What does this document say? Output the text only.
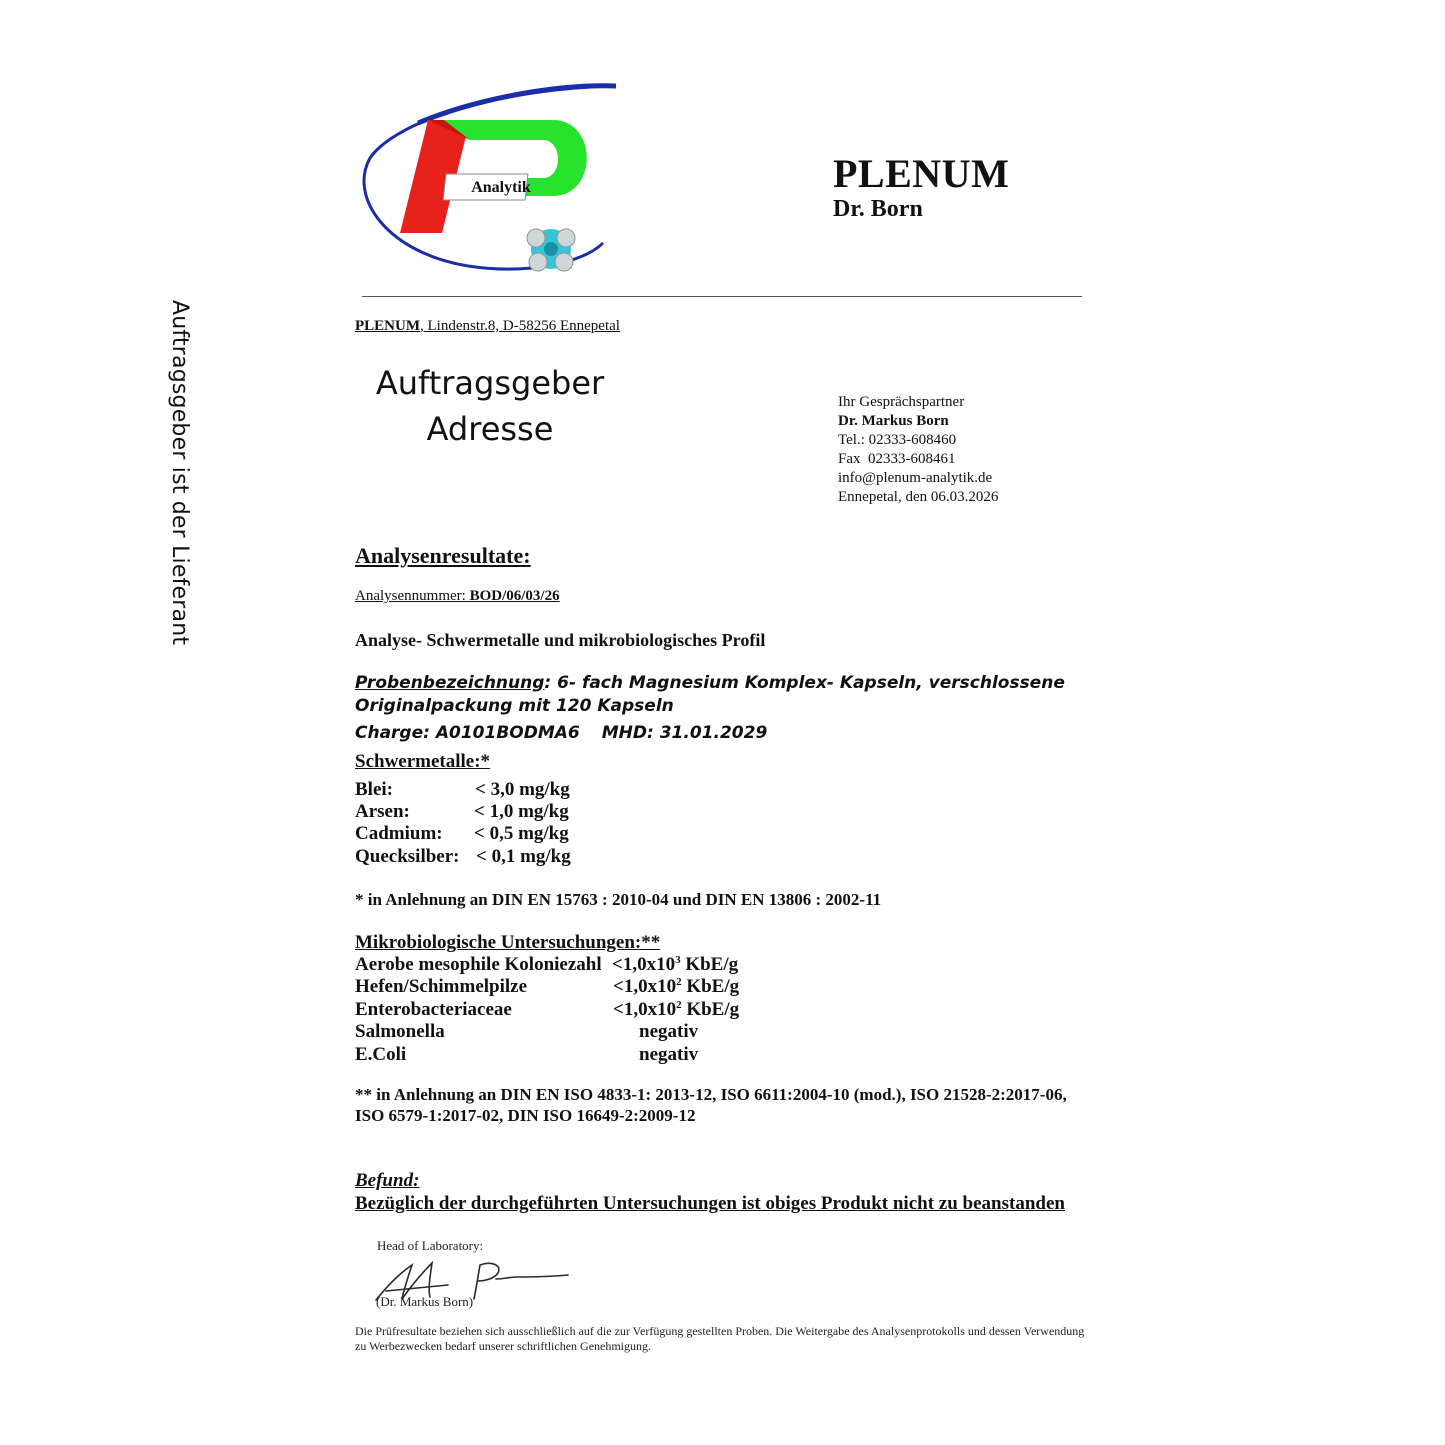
Auftragsgeber ist der Lieferant
Analytik	PLENUM
Dr. Born
PLENUM, Lindenstr.8, D-58256 Ennepetal
Auftragsgeber
Adresse
Ihr Gesprächspartner
Dr. Markus Born
Tel.: 02333-608460
Fax  02333-608461
info@plenum-analytik.de
Ennepetal, den 06.03.2026
Analysenresultate:
Analysennummer: BOD/06/03/26
Analyse- Schwermetalle und mikrobiologisches Profil
Probenbezeichnung: 6- fach Magnesium Komplex- Kapseln, verschlossene Originalpackung mit 120 Kapseln
Charge: A0101BODMA6 MHD: 31.01.2029
Schwermetalle:*
Blei:	< 3,0 mg/kg
Arsen:	< 1,0 mg/kg
Cadmium: < 0,5 mg/kg
Quecksilber: < 0,1 mg/kg
* in Anlehnung an DIN EN 15763 : 2010-04 und DIN EN 13806 : 2002-11
Mikrobiologische Untersuchungen:**
Aerobe mesophile Koloniezahl $<1,0x10^3$ KbE/g
Hefen/Schimmelpilze	$<1,0x10^2$ KbE/g
Enterobacteriaceae	$<1,0x10^2$ KbE/g
Salmonella	negativ
E.Coli	negativ
** in Anlehnung an DIN EN ISO 4833-1: 2013-12, ISO 6611:2004-10 (mod.), ISO 21528-2:2017-06, ISO 6579-1:2017-02, DIN ISO 16649-2:2009-12
Befund:
Bezüglich der durchgeführten Untersuchungen ist obiges Produkt nicht zu beanstanden
Head of Laboratory:
(Dr. Markus Born)
Die Prüfresultate beziehen sich ausschließlich auf die zur Verfügung gestellten Proben. Die Weitergabe des Analysenprotokolls und dessen Verwendung zu Werbezwecken bedarf unserer schriftlichen Genehmigung.
